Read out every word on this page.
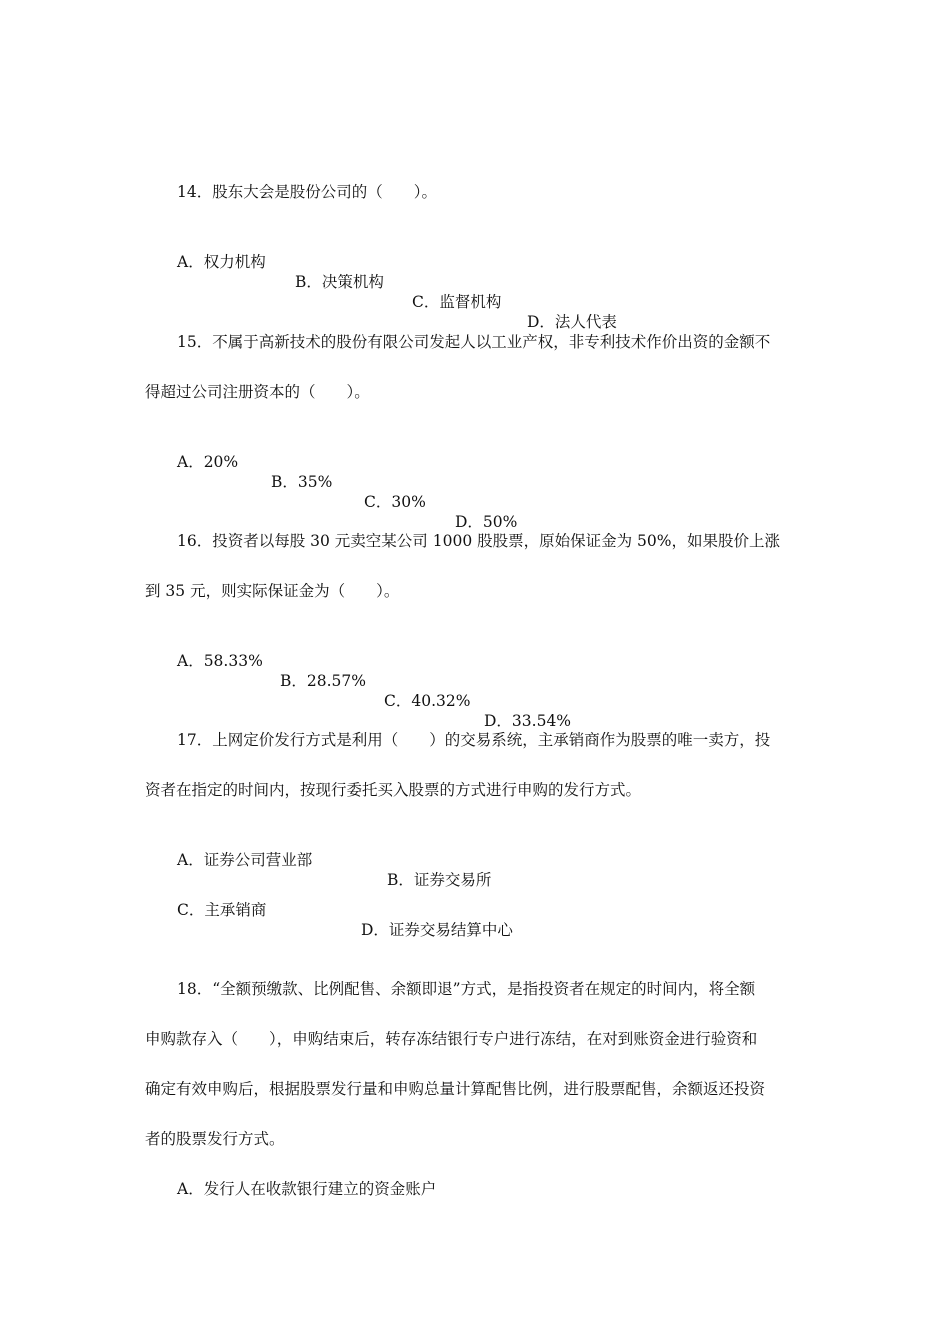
14．股东大会是股份公司的（　　）。

A．权力机构

B．决策机构

C．监督机构

D．法人代表

15．不属于高新技术的股份有限公司发起人以工业产权，非专利技术作价出资的金额不
得超过公司注册资本的（　　）。

A．20%

B．35%

C．30%

D．50%

16．投资者以每股 30 元卖空某公司 1000 股股票，原始保证金为 50%，如果股价上涨
到 35 元，则实际保证金为（　　）。

A．58.33%

B．28.57%

C．40.32%

D．33.54%

17．上网定价发行方式是利用（　　）的交易系统，主承销商作为股票的唯一卖方，投
资者在指定的时间内，按现行委托买入股票的方式进行申购的发行方式。

A．证券公司营业部

B．证券交易所

C．主承销商

D．证券交易结算中心

18．“全额预缴款、比例配售、余额即退”方式，是指投资者在规定的时间内，将全额
申购款存入（　　），申购结束后，转存冻结银行专户进行冻结，在对到账资金进行验资和
确定有效申购后，根据股票发行量和申购总量计算配售比例，进行股票配售，余额返还投资
者的股票发行方式。
A．发行人在收款银行建立的资金账户
